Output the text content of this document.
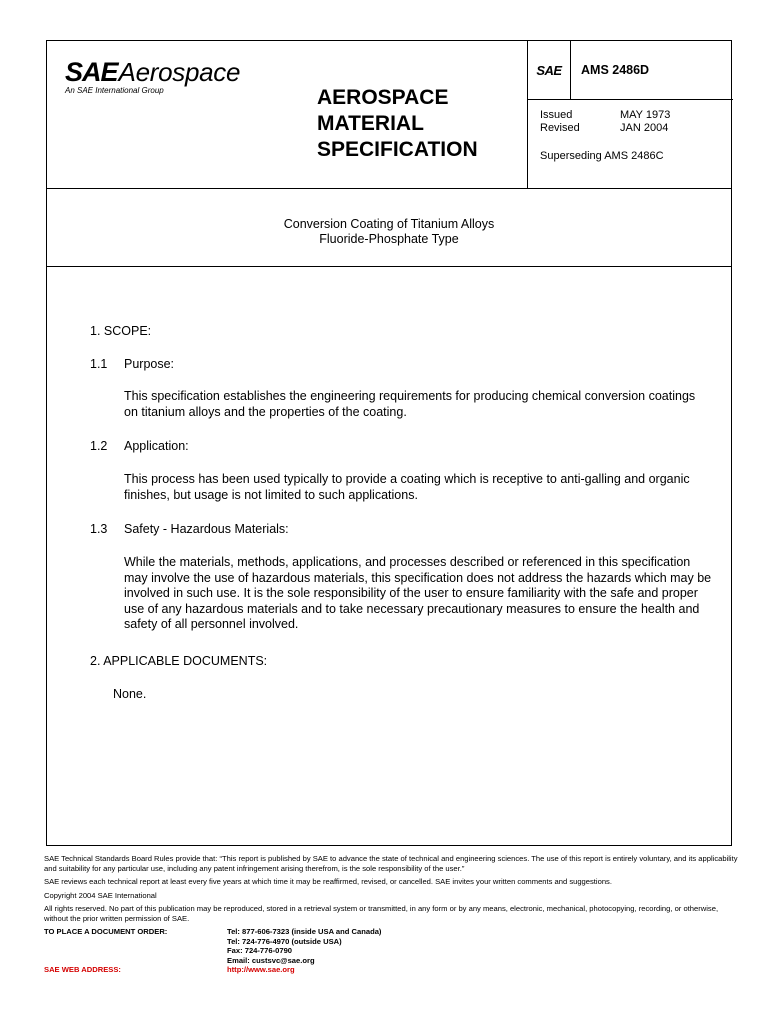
SAE Aerospace
An SAE International Group	AEROSPACE
MATERIAL
SPECIFICATION
SAE AMS 2486D
Issued	MAY 1973
Revised	JAN 2004
Superseding AMS 2486C
Conversion Coating of Titanium Alloys
Fluoride-Phosphate Type
1. SCOPE:
1.1 Purpose:
This specification establishes the engineering requirements for producing chemical conversion coatings on titanium alloys and the properties of the coating.
1.2 Application:
This process has been used typically to provide a coating which is receptive to anti-galling and organic finishes, but usage is not limited to such applications.
1.3 Safety - Hazardous Materials:
While the materials, methods, applications, and processes described or referenced in this specification may involve the use of hazardous materials, this specification does not address the hazards which may be involved in such use. It is the sole responsibility of the user to ensure familiarity with the safe and proper use of any hazardous materials and to take necessary precautionary measures to ensure the health and safety of all personnel involved.
2. APPLICABLE DOCUMENTS:
None.

SAE Technical Standards Board Rules provide that: “This report is published by SAE to advance the state of technical and engineering sciences. The use of this report is entirely voluntary, and its applicability and suitability for any particular use, including any patent infringement arising therefrom, is the sole responsibility of the user.”

SAE reviews each technical report at least every five years at which time it may be reaffirmed, revised, or cancelled. SAE invites your written comments and suggestions.

Copyright 2004 SAE International

All rights reserved. No part of this publication may be reproduced, stored in a retrieval system or transmitted, in any form or by any means, electronic, mechanical, photocopying, recording, or otherwise, without the prior written permission of SAE.

TO PLACE A DOCUMENT ORDER:	Tel: 877-606-7323 (inside USA and Canada)
Tel: 724-776-4970 (outside USA)
Fax: 724-776-0790
Email: custsvc@sae.org
SAE WEB ADDRESS:	http://www.sae.org
